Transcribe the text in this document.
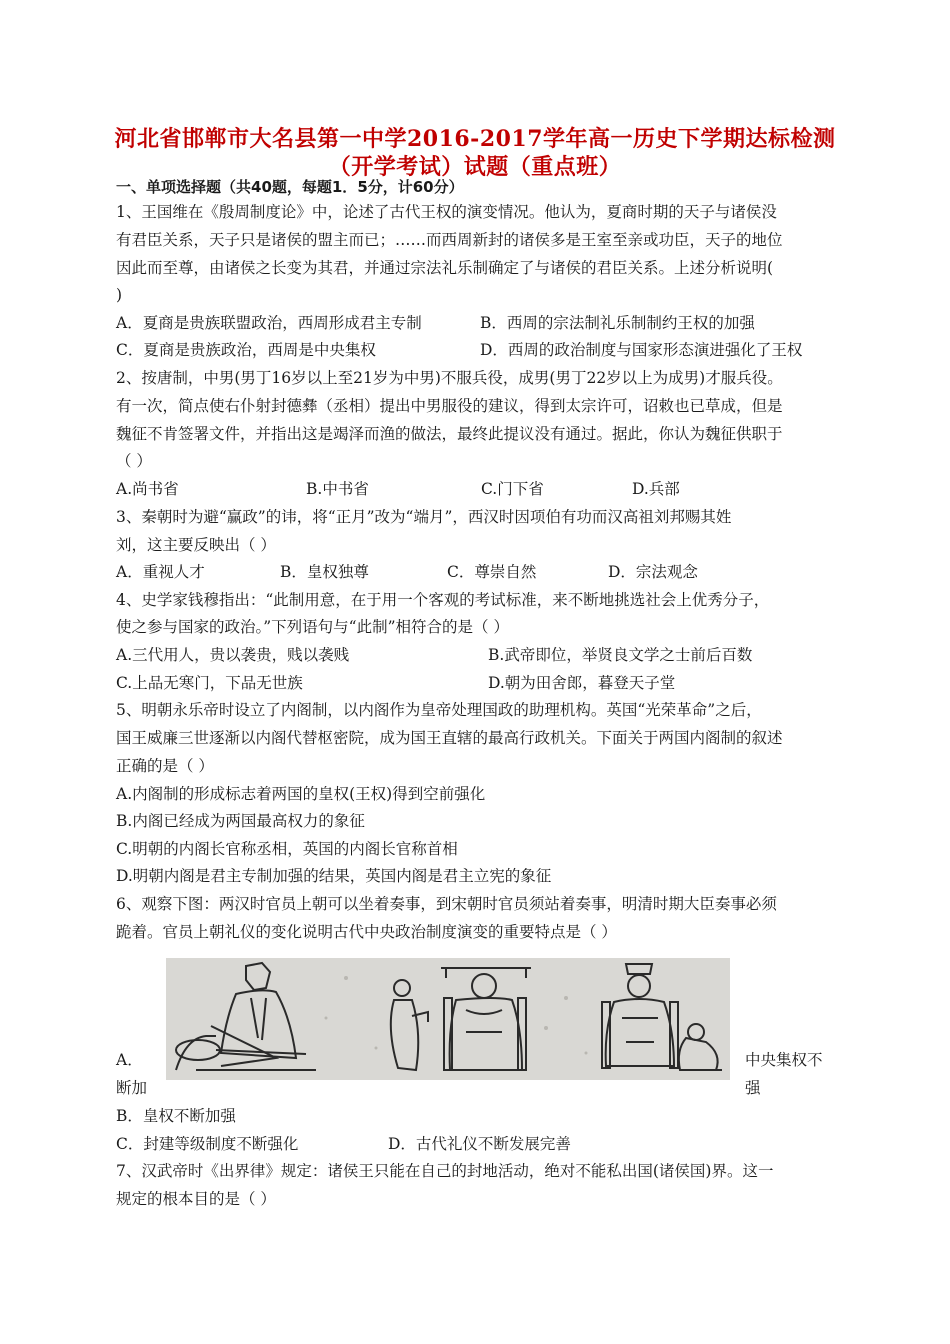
河北省邯郸市大名县第一中学2016-2017学年高一历史下学期达标检测
（开学考试）试题（重点班）
一、单项选择题（共40题，每题1．5分，计60分）
1、王国维在《殷周制度论》中，论述了古代王权的演变情况。他认为，夏商时期的天子与诸侯没
有君臣关系，天子只是诸侯的盟主而已；……而西周新封的诸侯多是王室至亲或功臣，天子的地位
因此而至尊，由诸侯之长变为其君，并通过宗法礼乐制确定了与诸侯的君臣关系。上述分析说明(
)
A．夏商是贵族联盟政治，西周形成君主专制	B．西周的宗法制礼乐制制约王权的加强
C．夏商是贵族政治，西周是中央集权	D．西周的政治制度与国家形态演进强化了王权
2、按唐制，中男(男丁16岁以上至21岁为中男)不服兵役，成男(男丁22岁以上为成男)才服兵役。
有一次，简点使右仆射封德彝（丞相）提出中男服役的建议，得到太宗许可，诏敕也已草成，但是
魏征不肯签署文件，并指出这是竭泽而渔的做法，最终此提议没有通过。据此，你认为魏征供职于
（ ）
A.尚书省	B.中书省	C.门下省	D.兵部
3、秦朝时为避“赢政”的讳，将“正月”改为“端月”，西汉时因项伯有功而汉高祖刘邦赐其姓
刘，这主要反映出（ ）
A．重视人才	B．皇权独尊	C．尊崇自然	D．宗法观念
4、史学家钱穆指出：“此制用意，在于用一个客观的考试标准，来不断地挑选社会上优秀分子，
使之参与国家的政治。”下列语句与“此制”相符合的是（ ）
A.三代用人，贵以袭贵，贱以袭贱	B.武帝即位，举贤良文学之士前后百数
C.上品无寒门，下品无世族	D.朝为田舍郎，暮登天子堂
5、明朝永乐帝时设立了内阁制，以内阁作为皇帝处理国政的助理机构。英国“光荣革命”之后，
国王威廉三世逐渐以内阁代替枢密院，成为国王直辖的最高行政机关。下面关于两国内阁制的叙述
正确的是（ ）
A.内阁制的形成标志着两国的皇权(王权)得到空前强化
B.内阁已经成为两国最高权力的象征
C.明朝的内阁长官称丞相，英国的内阁长官称首相
D.明朝内阁是君主专制加强的结果，英国内阁是君主立宪的象征
6、观察下图：两汉时官员上朝可以坐着奏事，到宋朝时官员须站着奏事，明清时期大臣奏事必须
跪着。官员上朝礼仪的变化说明古代中央政治制度演变的重要特点是（ ）
A．	中央集权不
断加	强
B．皇权不断加强
C．封建等级制度不断强化	D．古代礼仪不断发展完善
7、汉武帝时《出界律》规定：诸侯王只能在自己的封地活动，绝对不能私出国(诸侯国)界。这一
规定的根本目的是（ ）
